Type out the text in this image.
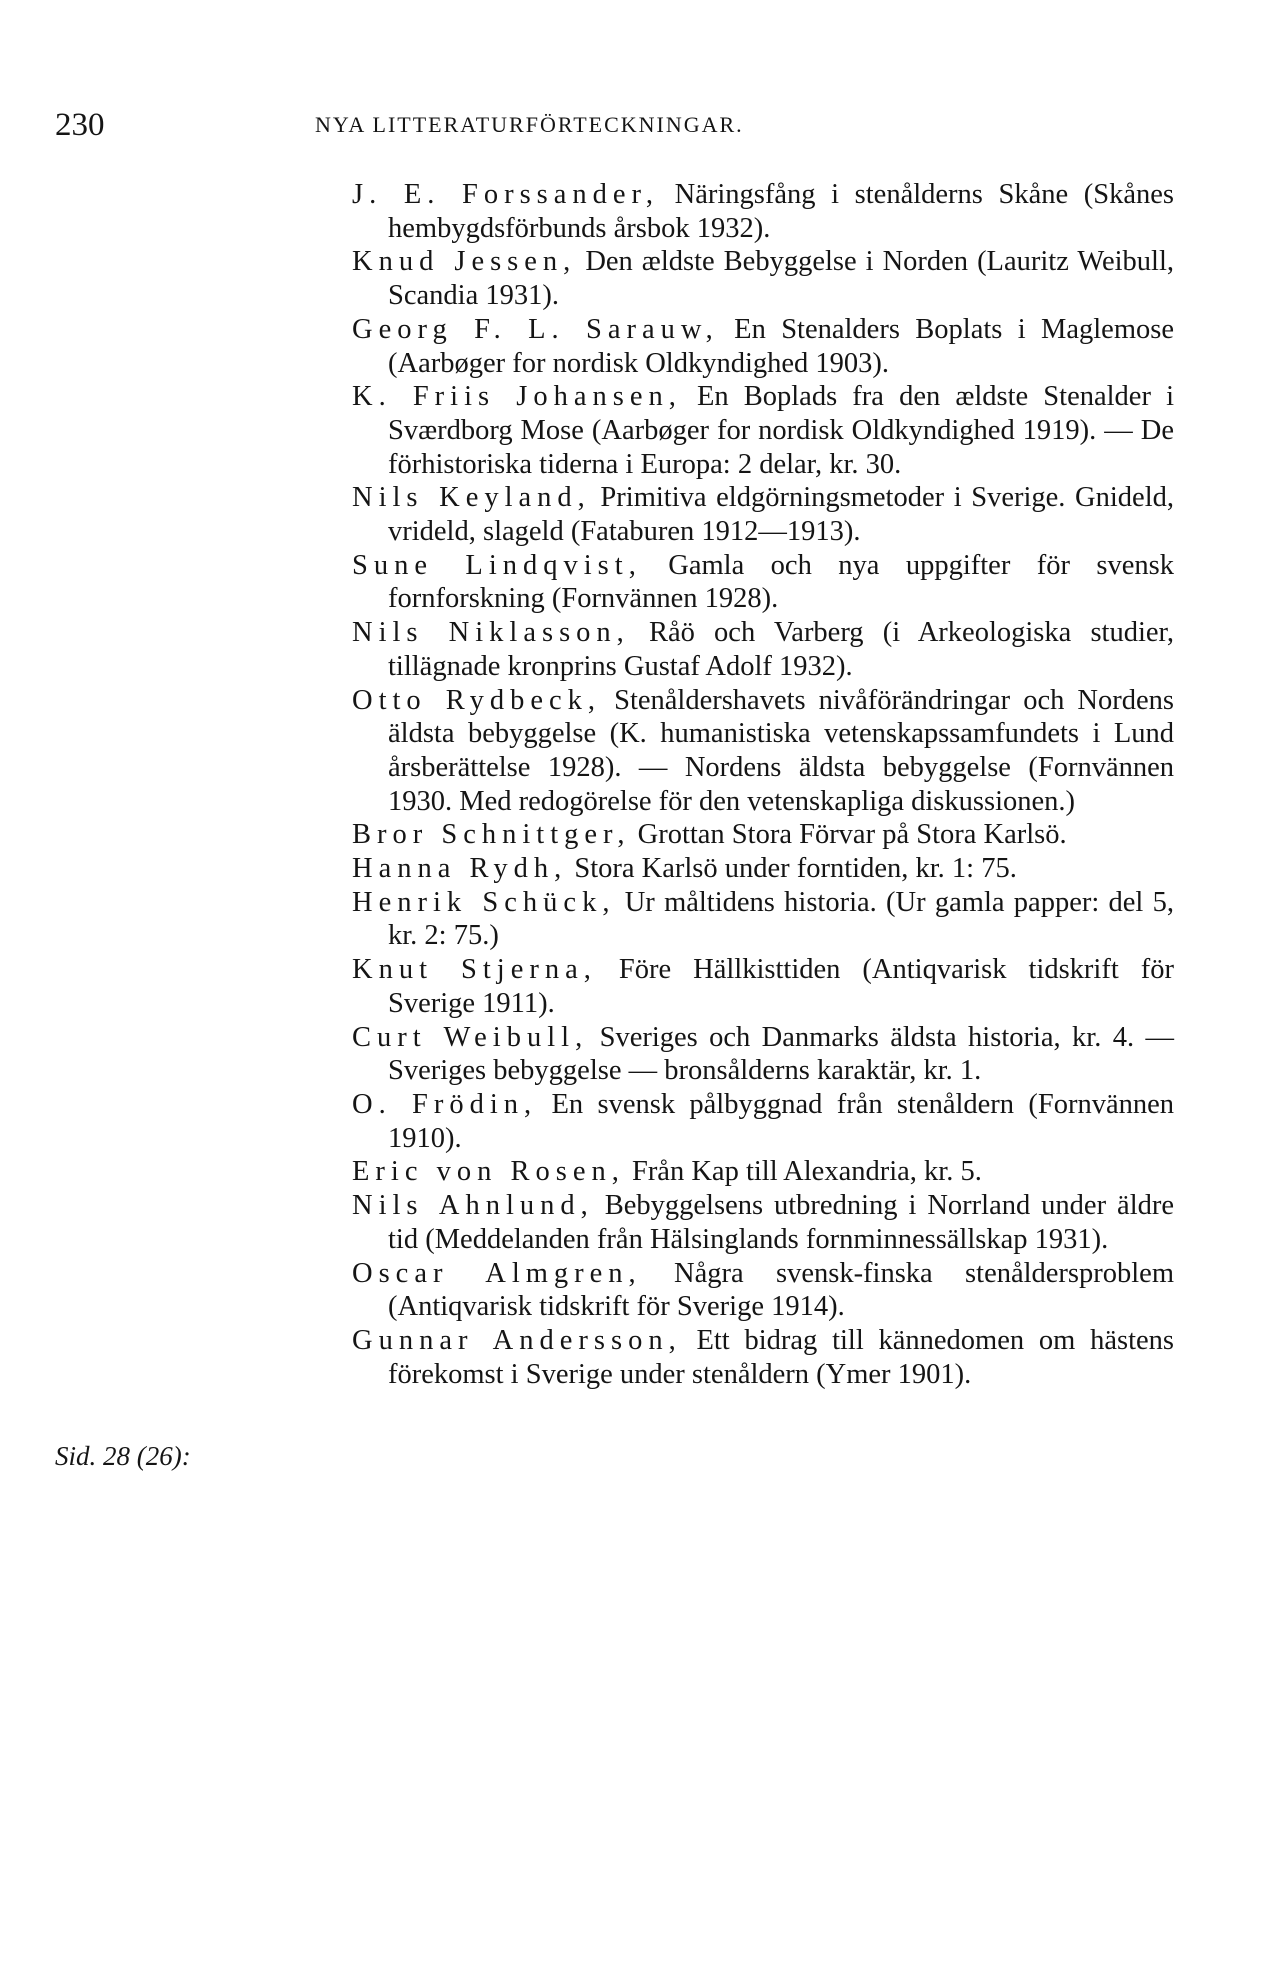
230	NYA LITTERATURFÖRTECKNINGAR.
Sid. 28 (26):

J. E. Forssander, Näringsfång i stenålderns Skåne (Skånes hembygdsförbunds årsbok 1932).

Knud Jessen, Den ældste Bebyggelse i Norden (Lauritz Weibull, Scandia 1931).

Georg F. L. Sarauw, En Stenalders Boplats i Maglemose (Aarbøger for nordisk Oldkyndighed 1903).

K. Friis Johansen, En Boplads fra den ældste Stenalder i Sværdborg Mose (Aarbøger for nordisk Oldkyndighed 1919). — De förhistoriska tiderna i Europa: 2 delar, kr. 30.

Nils Keyland, Primitiva eldgörningsmetoder i Sverige. Gnideld, vrideld, slageld (Fataburen 1912—1913).

Sune Lindqvist, Gamla och nya uppgifter för svensk fornforskning (Fornvännen 1928).

Nils Niklasson, Råö och Varberg (i Arkeologiska studier, tillägnade kronprins Gustaf Adolf 1932).

Otto Rydbeck, Stenåldershavets nivåförändringar och Nordens äldsta bebyggelse (K. humanistiska vetenskapssamfundets i Lund årsberättelse 1928). — Nordens äldsta bebyggelse (Fornvännen 1930. Med redogörelse för den vetenskapliga diskussionen.)

Bror Schnittger, Grottan Stora Förvar på Stora Karlsö.

Hanna Rydh, Stora Karlsö under forntiden, kr. 1: 75.

Henrik Schück, Ur måltidens historia. (Ur gamla papper: del 5, kr. 2: 75.)

Knut Stjerna, Före Hällkisttiden (Antiqvarisk tidskrift för Sverige 1911).

Curt Weibull, Sveriges och Danmarks äldsta historia, kr. 4. — Sveriges bebyggelse — bronsålderns karaktär, kr. 1.

O. Frödin, En svensk pålbyggnad från stenåldern (Fornvännen 1910).

Eric von Rosen, Från Kap till Alexandria, kr. 5.

Nils Ahnlund, Bebyggelsens utbredning i Norrland under äldre tid (Meddelanden från Hälsinglands fornminnessällskap 1931).

Oscar Almgren, Några svensk-finska stenåldersproblem (Antiqvarisk tidskrift för Sverige 1914).

Gunnar Andersson, Ett bidrag till kännedomen om hästens förekomst i Sverige under stenåldern (Ymer 1901).
